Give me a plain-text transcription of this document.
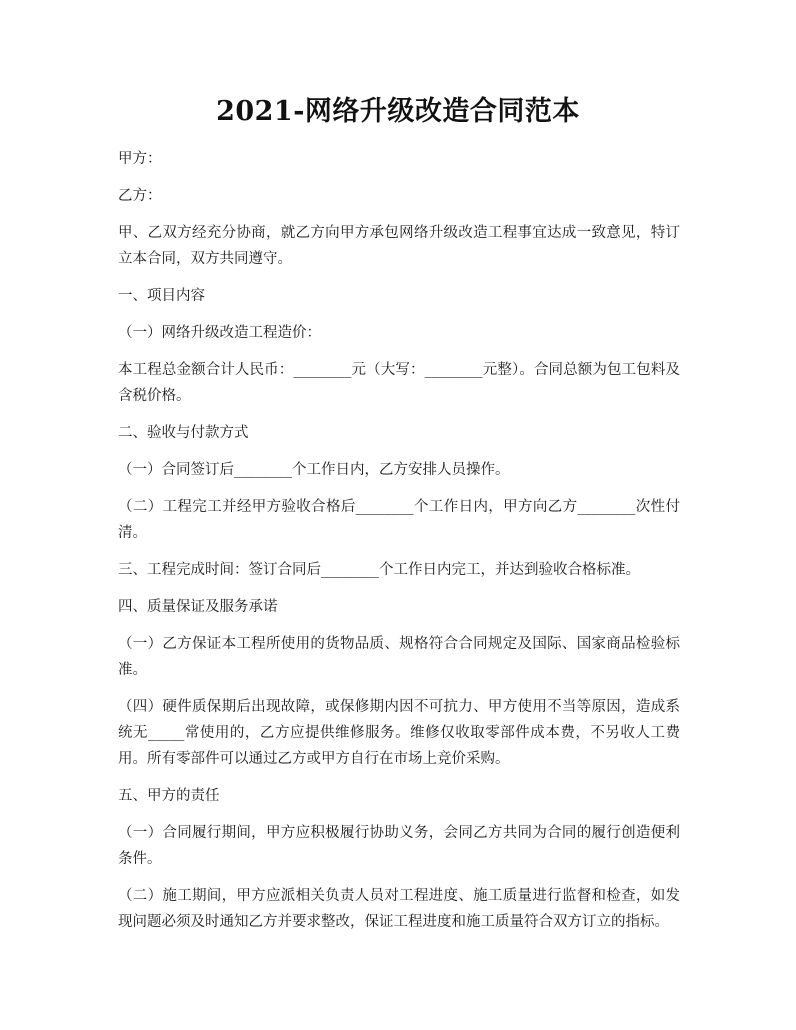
2021-网络升级改造合同范本

甲方：

乙方：

甲、乙双方经充分协商，就乙方向甲方承包网络升级改造工程事宜达成一致意见，特订立本合同，双方共同遵守。

一、项目内容

（一）网络升级改造工程造价：

本工程总金额合计人民币：________元（大写：________元整）。合同总额为包工包料及含税价格。

二、验收与付款方式

（一）合同签订后________个工作日内，乙方安排人员操作。

（二）工程完工并经甲方验收合格后________个工作日内，甲方向乙方________次性付清。

三、工程完成时间：签订合同后________个工作日内完工，并达到验收合格标准。

四、质量保证及服务承诺

（一）乙方保证本工程所使用的货物品质、规格符合合同规定及国际、国家商品检验标准。

（四）硬件质保期后出现故障，或保修期内因不可抗力、甲方使用不当等原因，造成系统无_____常使用的，乙方应提供维修服务。维修仅收取零部件成本费，不另收人工费用。所有零部件可以通过乙方或甲方自行在市场上竞价采购。

五、甲方的责任

（一）合同履行期间，甲方应积极履行协助义务，会同乙方共同为合同的履行创造便利条件。

（二）施工期间，甲方应派相关负责人员对工程进度、施工质量进行监督和检查，如发现问题必须及时通知乙方并要求整改，保证工程进度和施工质量符合双方订立的指标。
